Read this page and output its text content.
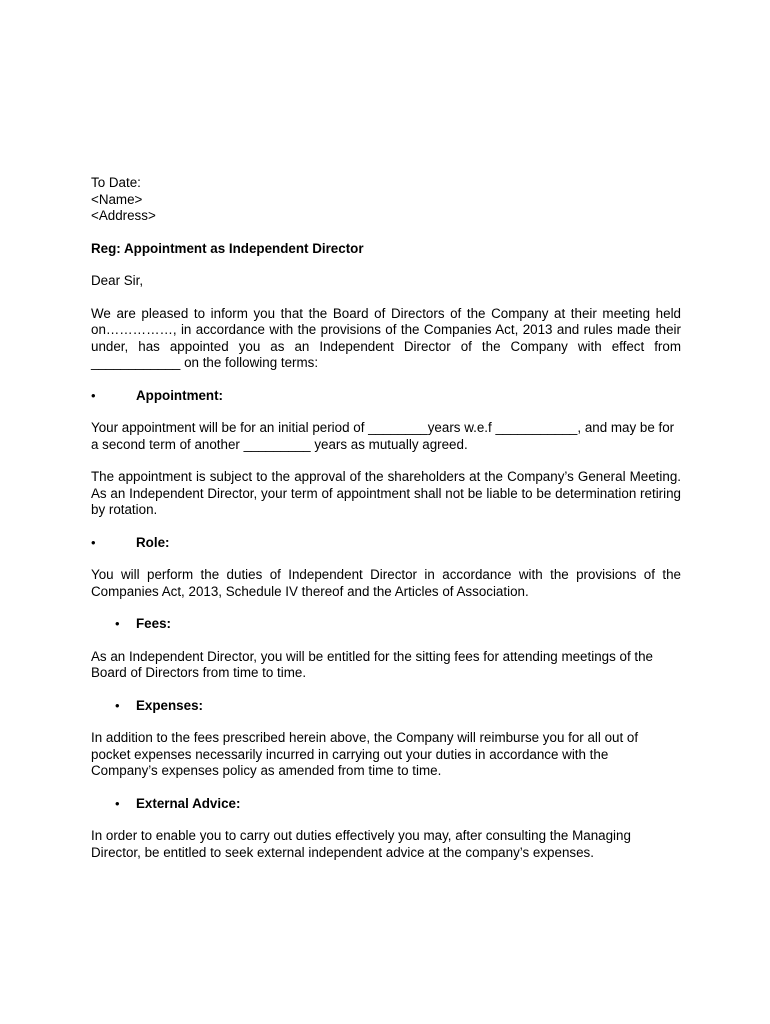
To Date:

<Name>

<Address>

Reg: Appointment as Independent Director

Dear Sir,

We are pleased to inform you that the Board of Directors of the Company at their meeting held on……………, in accordance with the provisions of the Companies Act, 2013 and rules made their under, has appointed you as an Independent Director of the Company with effect from ____________ on the following terms:

•	Appointment:

Your appointment will be for an initial period of ________years w.e.f ___________, and may be for a second term of another _________ years as mutually agreed.

The appointment is subject to the approval of the shareholders at the Company’s General Meeting. As an Independent Director, your term of appointment shall not be liable to be determination retiring by rotation.

•	Role:

You will perform the duties of Independent Director in accordance with the provisions of the Companies Act, 2013, Schedule IV thereof and the Articles of Association.

•	Fees:

As an Independent Director, you will be entitled for the sitting fees for attending meetings of the Board of Directors from time to time.

•	Expenses:

In addition to the fees prescribed herein above, the Company will reimburse you for all out of

pocket expenses necessarily incurred in carrying out your duties in accordance with the

Company’s expenses policy as amended from time to time.

•	External Advice:

In order to enable you to carry out duties effectively you may, after consulting the Managing

Director, be entitled to seek external independent advice at the company’s expenses.
